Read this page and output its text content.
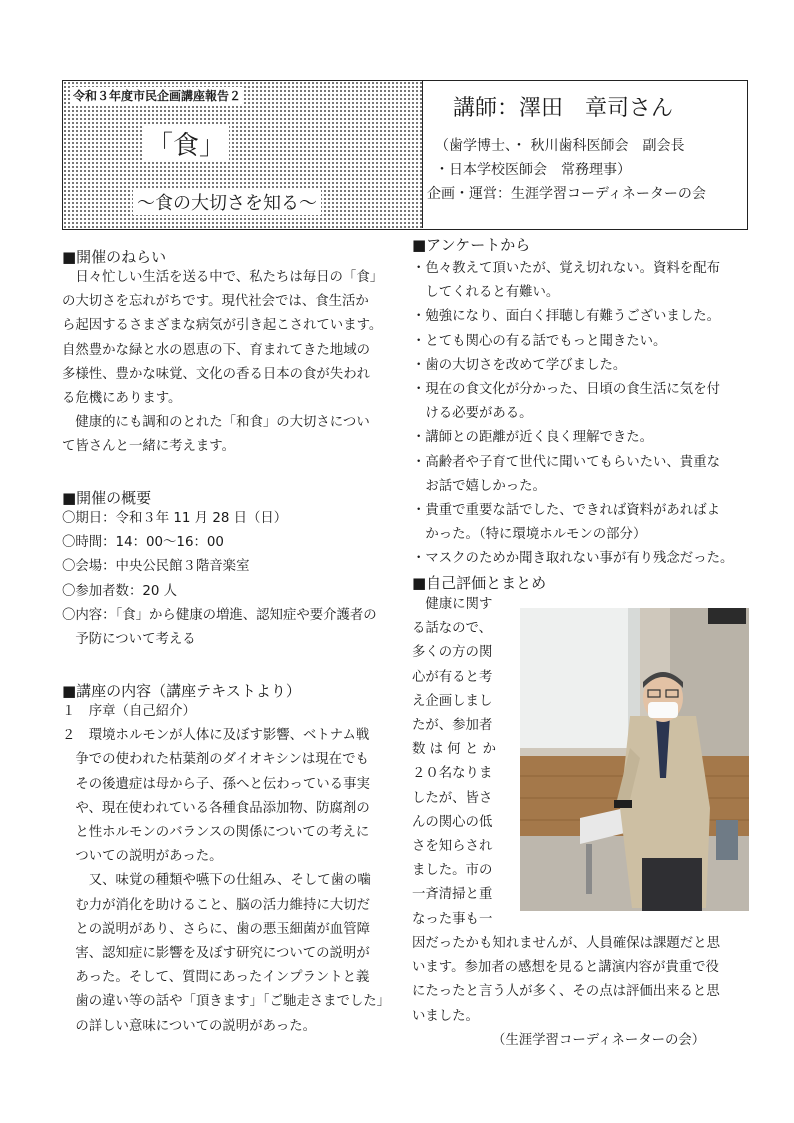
令和３年度市民企画講座報告２
「食」
～食の大切さを知る～
講師：澤田　章司さん
（歯学博士、・ 秋川歯科医師会　副会長
・日本学校医師会　常務理事）
企画・運営：生涯学習コーディネーターの会
■開催のねらい
　日々忙しい生活を送る中で、私たちは毎日の「食」
の大切さを忘れがちです。現代社会では、食生活か
ら起因するさまざまな病気が引き起こされています。
自然豊かな緑と水の恩恵の下、育まれてきた地域の
多様性、豊かな味覚、文化の香る日本の食が失われ
る危機にあります。
　健康的にも調和のとれた「和食」の大切さについ
て皆さんと一緒に考えます。
■開催の概要
〇期日：令和３年 11 月 28 日（日）
〇時間：14：00～16：00
〇会場：中央公民館３階音楽室
〇参加者数：20 人
〇内容：「食」から健康の増進、認知症や要介護者の
　予防について考える
■講座の内容（講座テキストより）
１　序章（自己紹介）
２　環境ホルモンが人体に及ぼす影響、ベトナム戦
　争での使われた枯葉剤のダイオキシンは現在でも
　その後遺症は母から子、孫へと伝わっている事実
　や、現在使われている各種食品添加物、防腐剤の
　と性ホルモンのバランスの関係についての考えに
　ついての説明があった。
　　又、味覚の種類や嚥下の仕組み、そして歯の噛
　む力が消化を助けること、脳の活力維持に大切だ
　との説明があり、さらに、歯の悪玉細菌が血管障
　害、認知症に影響を及ぼす研究についての説明が
　あった。そして、質問にあったインプラントと義
　歯の違い等の話や「頂きます」「ご馳走さまでした」
　の詳しい意味についての説明があった。
■アンケートから
・色々教えて頂いたが、覚え切れない。資料を配布
　してくれると有難い。
・勉強になり、面白く拝聴し有難うございました。
・とても関心の有る話でもっと聞きたい。
・歯の大切さを改めて学びました。
・現在の食文化が分かった、日頃の食生活に気を付
　ける必要がある。
・講師との距離が近く良く理解できた。
・高齢者や子育て世代に聞いてもらいたい、貴重な
　お話で嬉しかった。
・貴重で重要な話でした、できれば資料があればよ
　かった。（特に環境ホルモンの部分）
・マスクのためか聞き取れない事が有り残念だった。
■自己評価とまとめ
　健康に関す
る話なので、
多くの方の関
心が有ると考
え企画しまし
たが、参加者
数 は 何 と か
２０名なりま
したが、皆さ
んの関心の低
さを知らされ
ました。市の
一斉清掃と重
なった事も一
因だったかも知れませんが、人員確保は課題だと思
います。参加者の感想を見ると講演内容が貴重で役
にたったと言う人が多く、その点は評価出来ると思
いました。
（生涯学習コーディネーターの会）
